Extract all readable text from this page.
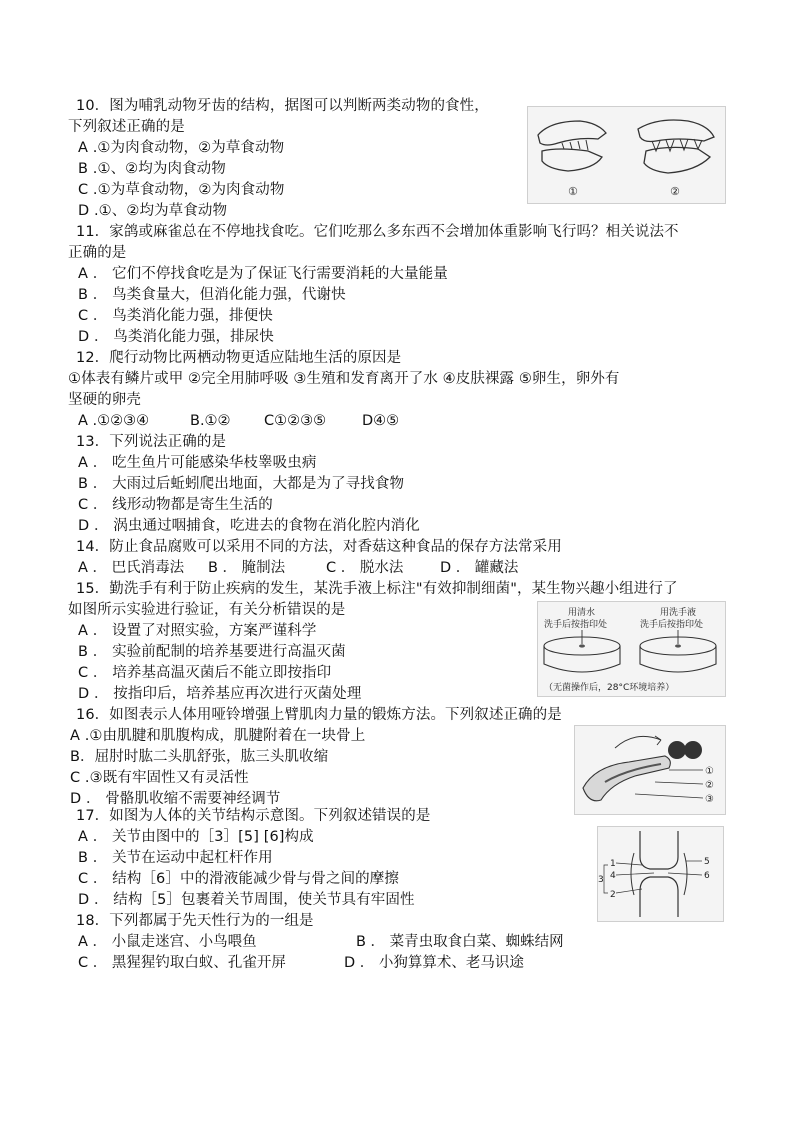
10．图为哺乳动物牙齿的结构，据图可以判断两类动物的食性，
下列叙述正确的是
A .①为肉食动物，②为草食动物
B .①、②均为肉食动物
C .①为草食动物，②为肉食动物
D .①、②均为草食动物
①	②
11．家鸽或麻雀总在不停地找食吃。它们吃那么多东西不会增加体重影响飞行吗？相关说法不
正确的是
A ． 它们不停找食吃是为了保证飞行需要消耗的大量能量
B ． 鸟类食量大，但消化能力强，代谢快
C ． 鸟类消化能力强，排便快
D ． 鸟类消化能力强，排尿快
12．爬行动物比两栖动物更适应陆地生活的原因是
①体表有鳞片或甲 ②完全用肺呼吸 ③生殖和发育离开了水 ④皮肤裸露 ⑤卵生，卵外有
坚硬的卵壳
A .①②③④	B.①② C①②③⑤ D④⑤
13．下列说法正确的是
A ． 吃生鱼片可能感染华枝睾吸虫病
B ． 大雨过后蚯蚓爬出地面，大都是为了寻找食物
C ． 线形动物都是寄生生活的
D ． 涡虫通过咽捕食，吃进去的食物在消化腔内消化
14．防止食品腐败可以采用不同的方法，对香菇这种食品的保存方法常采用
A ． 巴氏消毒法 B ． 腌制法	C ． 脱水法	D ． 罐藏法
15．勤洗手有利于防止疾病的发生，某洗手液上标注"有效抑制细菌"，某生物兴趣小组进行了
如图所示实验进行验证，有关分析错误的是
A ． 设置了对照实验，方案严谨科学
B ． 实验前配制的培养基要进行高温灭菌
C ． 培养基高温灭菌后不能立即按指印
D ． 按指印后，培养基应再次进行灭菌处理
用清水
洗手后按指印处
用洗手液
洗手后按指印处
（无菌操作后，28°C环境培养）
16．如图表示人体用哑铃增强上臂肌肉力量的锻炼方法。下列叙述正确的是
A .①由肌腱和肌腹构成，肌腱附着在一块骨上
B．屈肘时肱二头肌舒张，肱三头肌收缩
C .③既有牢固性又有灵活性
D ． 骨骼肌收缩不需要神经调节
①
②
③
17．如图为人体的关节结构示意图。下列叙述错误的是
A ． 关节由图中的［3］[5] [6]构成
B ． 关节在运动中起杠杆作用
C ． 结构［6］中的滑液能减少骨与骨之间的摩擦
D ． 结构［5］包裹着关节周围，使关节具有牢固性
1
2
3 4
5
6
18．下列都属于先天性行为的一组是
A ． 小鼠走迷宫、小鸟喂鱼	B ． 菜青虫取食白菜、蜘蛛结网
C ． 黑猩猩钓取白蚁、孔雀开屏	D ． 小狗算算术、老马识途
